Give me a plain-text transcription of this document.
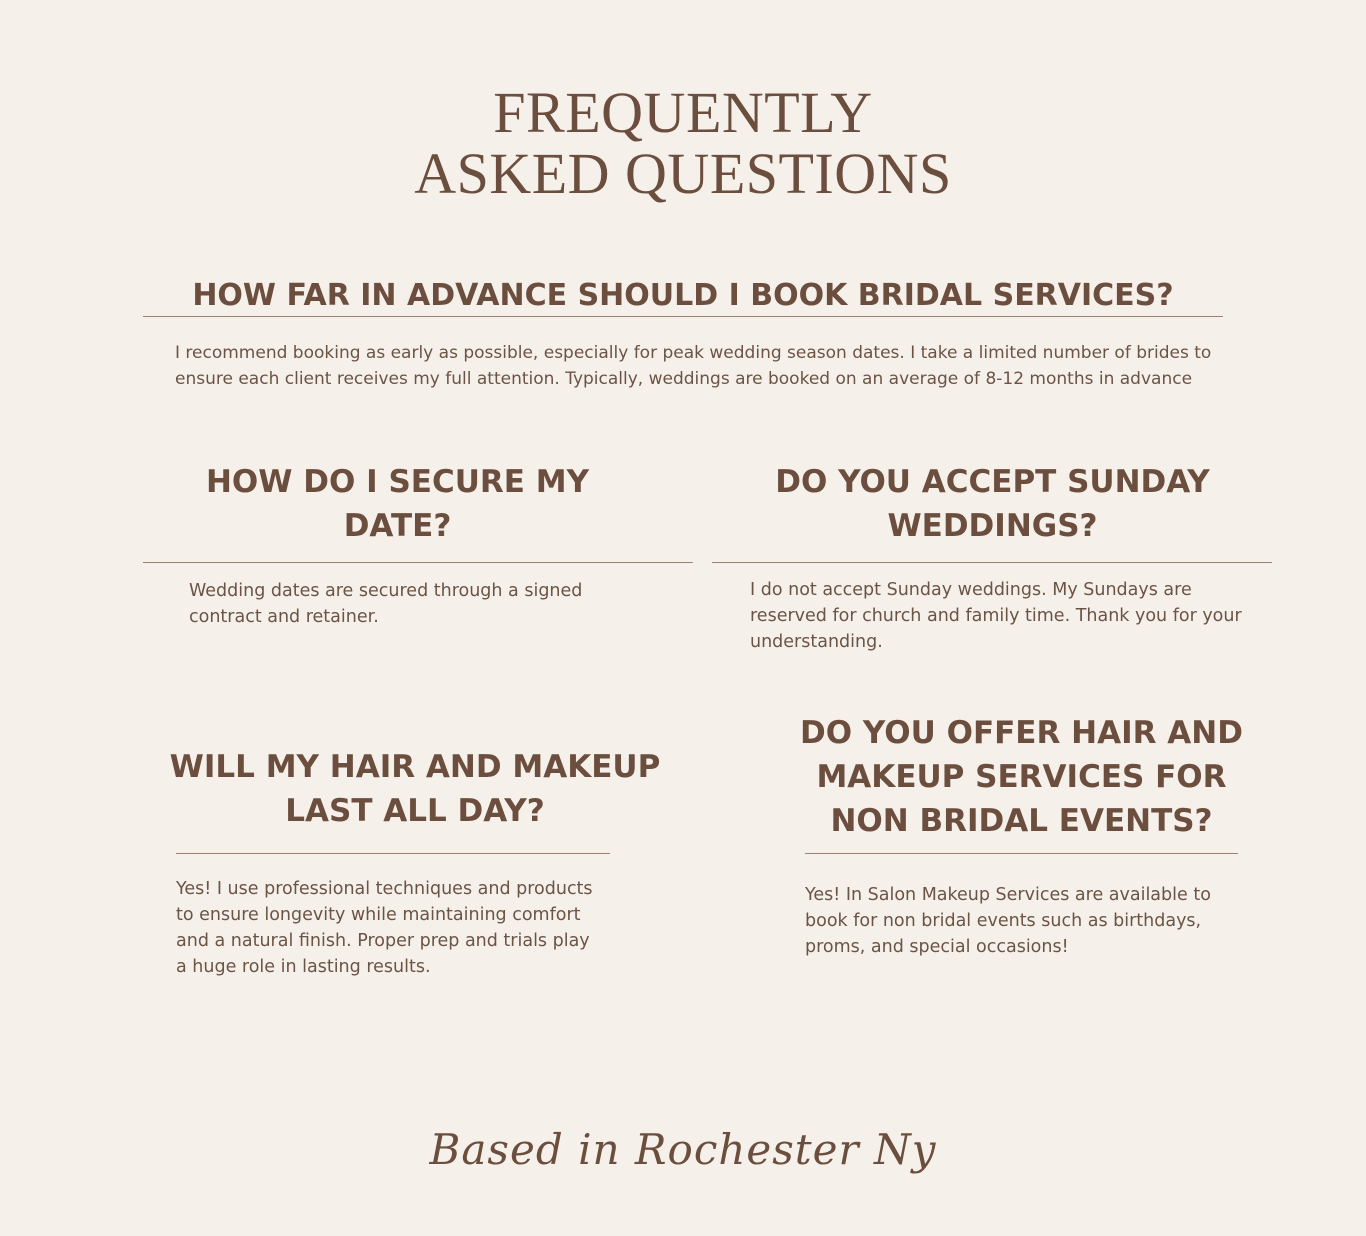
FREQUENTLY
ASKED QUESTIONS
HOW FAR IN ADVANCE SHOULD I BOOK BRIDAL SERVICES?
I recommend booking as early as possible, especially for peak wedding season dates. I take a limited number of brides to ensure each client receives my full attention. Typically, weddings are booked on an average of 8-12 months in advance
HOW DO I SECURE MY DATE?
Wedding dates are secured through a signed contract and retainer.
DO YOU ACCEPT SUNDAY WEDDINGS?
I do not accept Sunday weddings. My Sundays are reserved for church and family time. Thank you for your understanding.
WILL MY HAIR AND MAKEUP LAST ALL DAY?
Yes! I use professional techniques and products to ensure longevity while maintaining comfort and a natural finish. Proper prep and trials play a huge role in lasting results.
DO YOU OFFER HAIR AND MAKEUP SERVICES FOR NON BRIDAL EVENTS?
Yes! In Salon Makeup Services are available to book for non bridal events such as birthdays, proms, and special occasions!
Based in Rochester Ny
